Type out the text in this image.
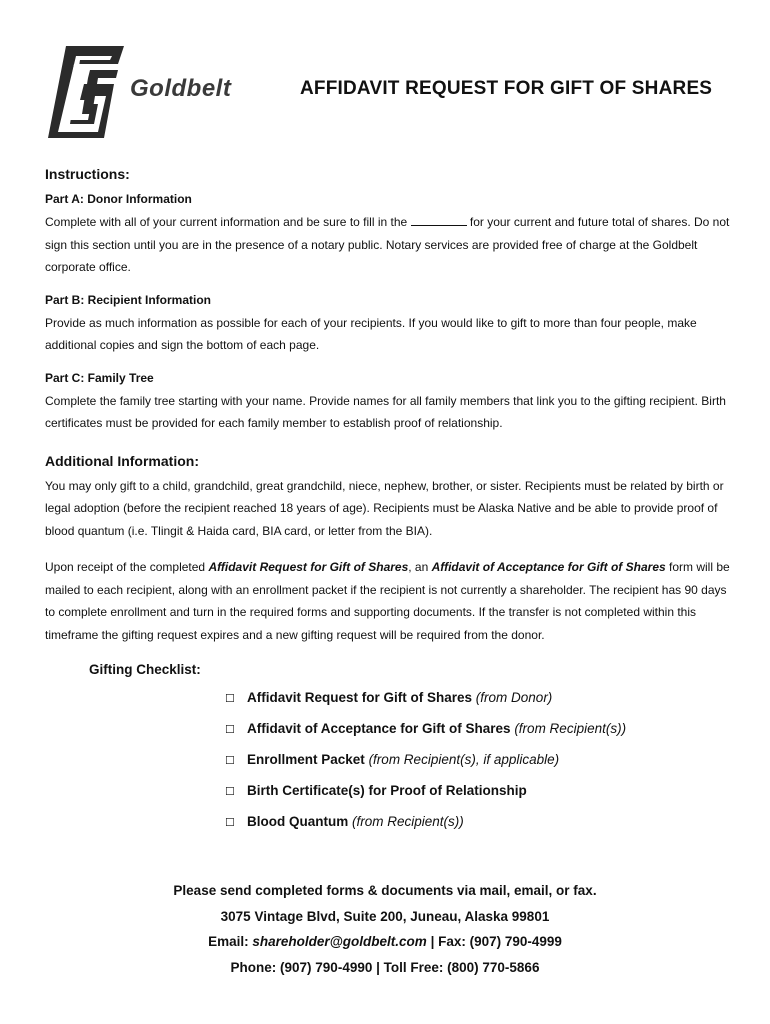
Goldbelt	AFFIDAVIT REQUEST FOR GIFT OF SHARES
Instructions:
Part A: Donor Information

Complete with all of your current information and be sure to fill in the	for your current and future total of shares. Do not sign this section until you are in the presence of a notary public. Notary services are provided free of charge at the Goldbelt corporate office.

Part B: Recipient Information

Provide as much information as possible for each of your recipients. If you would like to gift to more than four people, make additional copies and sign the bottom of each page.

Part C: Family Tree

Complete the family tree starting with your name. Provide names for all family members that link you to the gifting recipient. Birth certificates must be provided for each family member to establish proof of relationship.

Additional Information:

You may only gift to a child, grandchild, great grandchild, niece, nephew, brother, or sister. Recipients must be related by birth or legal adoption (before the recipient reached 18 years of age). Recipients must be Alaska Native and be able to provide proof of blood quantum (i.e. Tlingit & Haida card, BIA card, or letter from the BIA).

Upon receipt of the completed Affidavit Request for Gift of Shares, an Affidavit of Acceptance for Gift of Shares form will be mailed to each recipient, along with an enrollment packet if the recipient is not currently a shareholder. The recipient has 90 days to complete enrollment and turn in the required forms and supporting documents. If the transfer is not completed within this timeframe the gifting request expires and a new gifting request will be required from the donor.

Gifting Checklist:
☐ Affidavit Request for Gift of Shares (from Donor)
☐ Affidavit of Acceptance for Gift of Shares (from Recipient(s))
☐ Enrollment Packet (from Recipient(s), if applicable)
☐ Birth Certificate(s) for Proof of Relationship
☐ Blood Quantum (from Recipient(s))
Please send completed forms & documents via mail, email, or fax.
3075 Vintage Blvd, Suite 200, Juneau, Alaska 99801
Email: shareholder@goldbelt.com | Fax: (907) 790-4999
Phone: (907) 790-4990 | Toll Free: (800) 770-5866
